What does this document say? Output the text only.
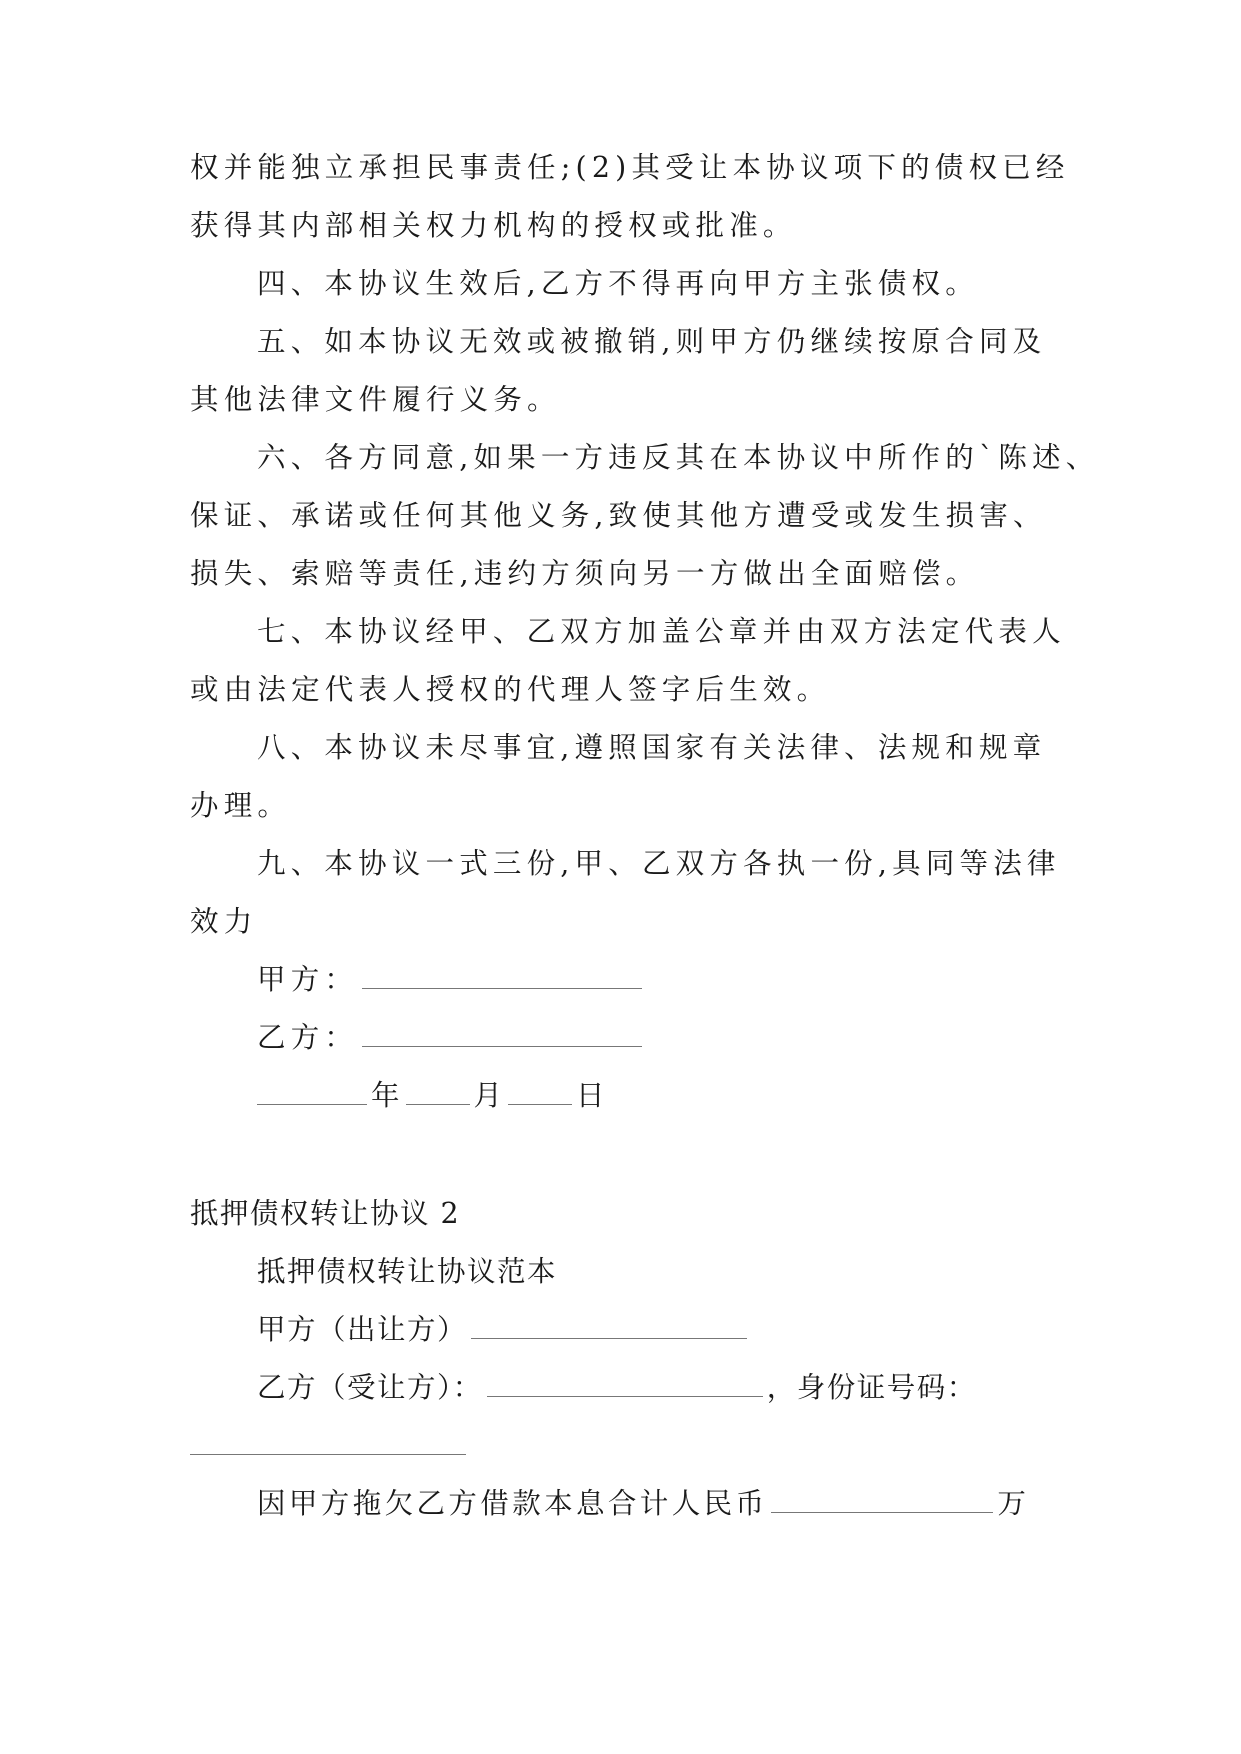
权并能独立承担民事责任;(2)其受让本协议项下的债权已经
获得其内部相关权力机构的授权或批准。
四、本协议生效后,乙方不得再向甲方主张债权。
五、如本协议无效或被撤销,则甲方仍继续按原合同及
其他法律文件履行义务。
六、各方同意,如果一方违反其在本协议中所作的`陈述、
保证、承诺或任何其他义务,致使其他方遭受或发生损害、
损失、索赔等责任,违约方须向另一方做出全面赔偿。
七、本协议经甲、乙双方加盖公章并由双方法定代表人
或由法定代表人授权的代理人签字后生效。
八、本协议未尽事宜,遵照国家有关法律、法规和规章
办理。
九、本协议一式三份,甲、乙双方各执一份,具同等法律
效力
甲方：
乙方：
年	月	日
抵押债权转让协议 2
抵押债权转让协议范本
甲方（出让方）
乙方（受让方）：	，身份证号码：
因甲方拖欠乙方借款本息合计人民币	万
